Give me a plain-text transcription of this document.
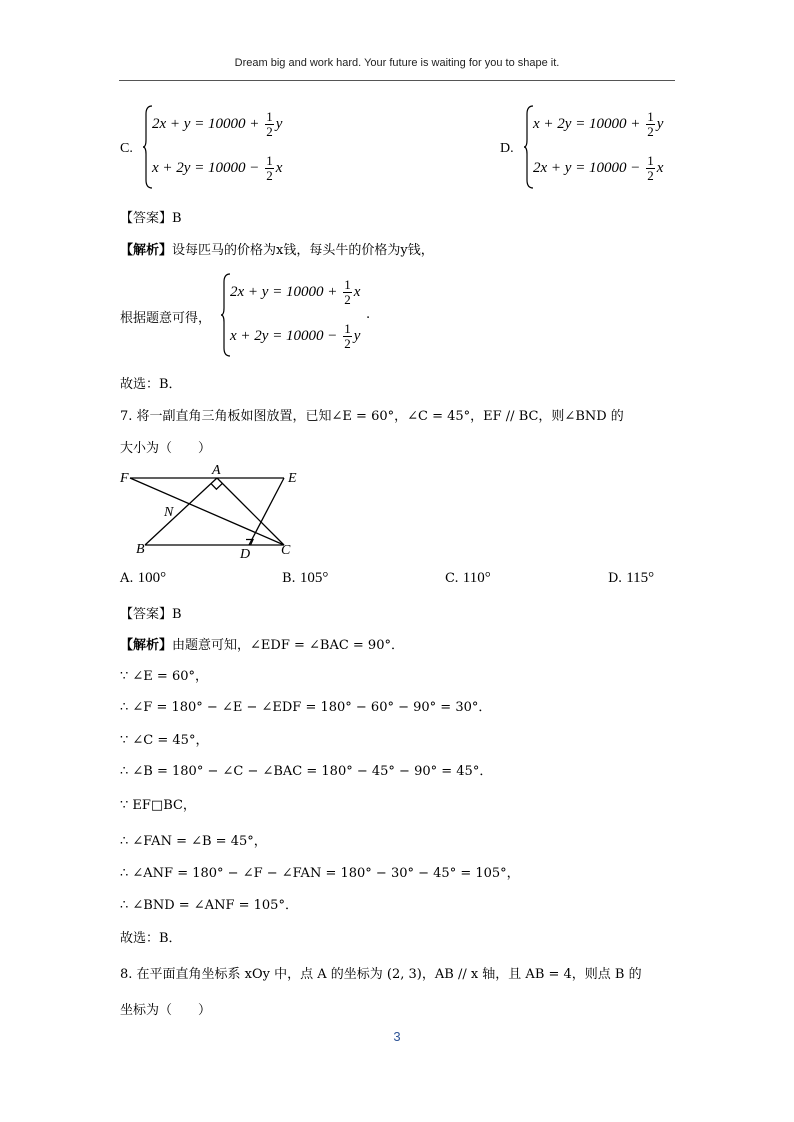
Dream big and work hard. Your future is waiting for you to shape it.
C.
$2x + y = 10000 + \frac{1}{2}$ y
$x + 2y = 10000 - \frac{1}{2}$ x
D.
$x + 2y = 10000 + \frac{1}{2}$ y
$2x + y = 10000 - \frac{1}{2}$ x
【答案】B
【解析】设每匹马的价格为x钱，每头牛的价格为y钱，
根据题意可得，
$2x + y = 10000 + \frac{1}{2}$ x
$x + 2y = 10000 - \frac{1}{2}$ y
.
故选：B．
7. 将一副直角三角板如图放置，已知∠E = 60°，∠C = 45°，EF // BC，则∠BND 的
大小为（　　）
F
A
E
N
B	D C
A. 100°	B. 105°	C. 110°	D. 115°
【答案】B
【解析】由题意可知，∠EDF = ∠BAC = 90°．
∵ ∠E = 60°，
∴ ∠F = 180° − ∠E − ∠EDF = 180° − 60° − 90° = 30°．
∵ ∠C = 45°，
∴ ∠B = 180° − ∠C − ∠BAC = 180° − 45° − 90° = 45°．
∵ EF□BC，
∴ ∠FAN = ∠B = 45°，
∴ ∠ANF = 180° − ∠F − ∠FAN = 180° − 30° − 45° = 105°，
∴ ∠BND = ∠ANF = 105°．
故选：B．
8. 在平面直角坐标系 xOy 中，点 A 的坐标为 (2, 3)，AB // x 轴，且 AB = 4，则点 B 的
坐标为（　　）
3
